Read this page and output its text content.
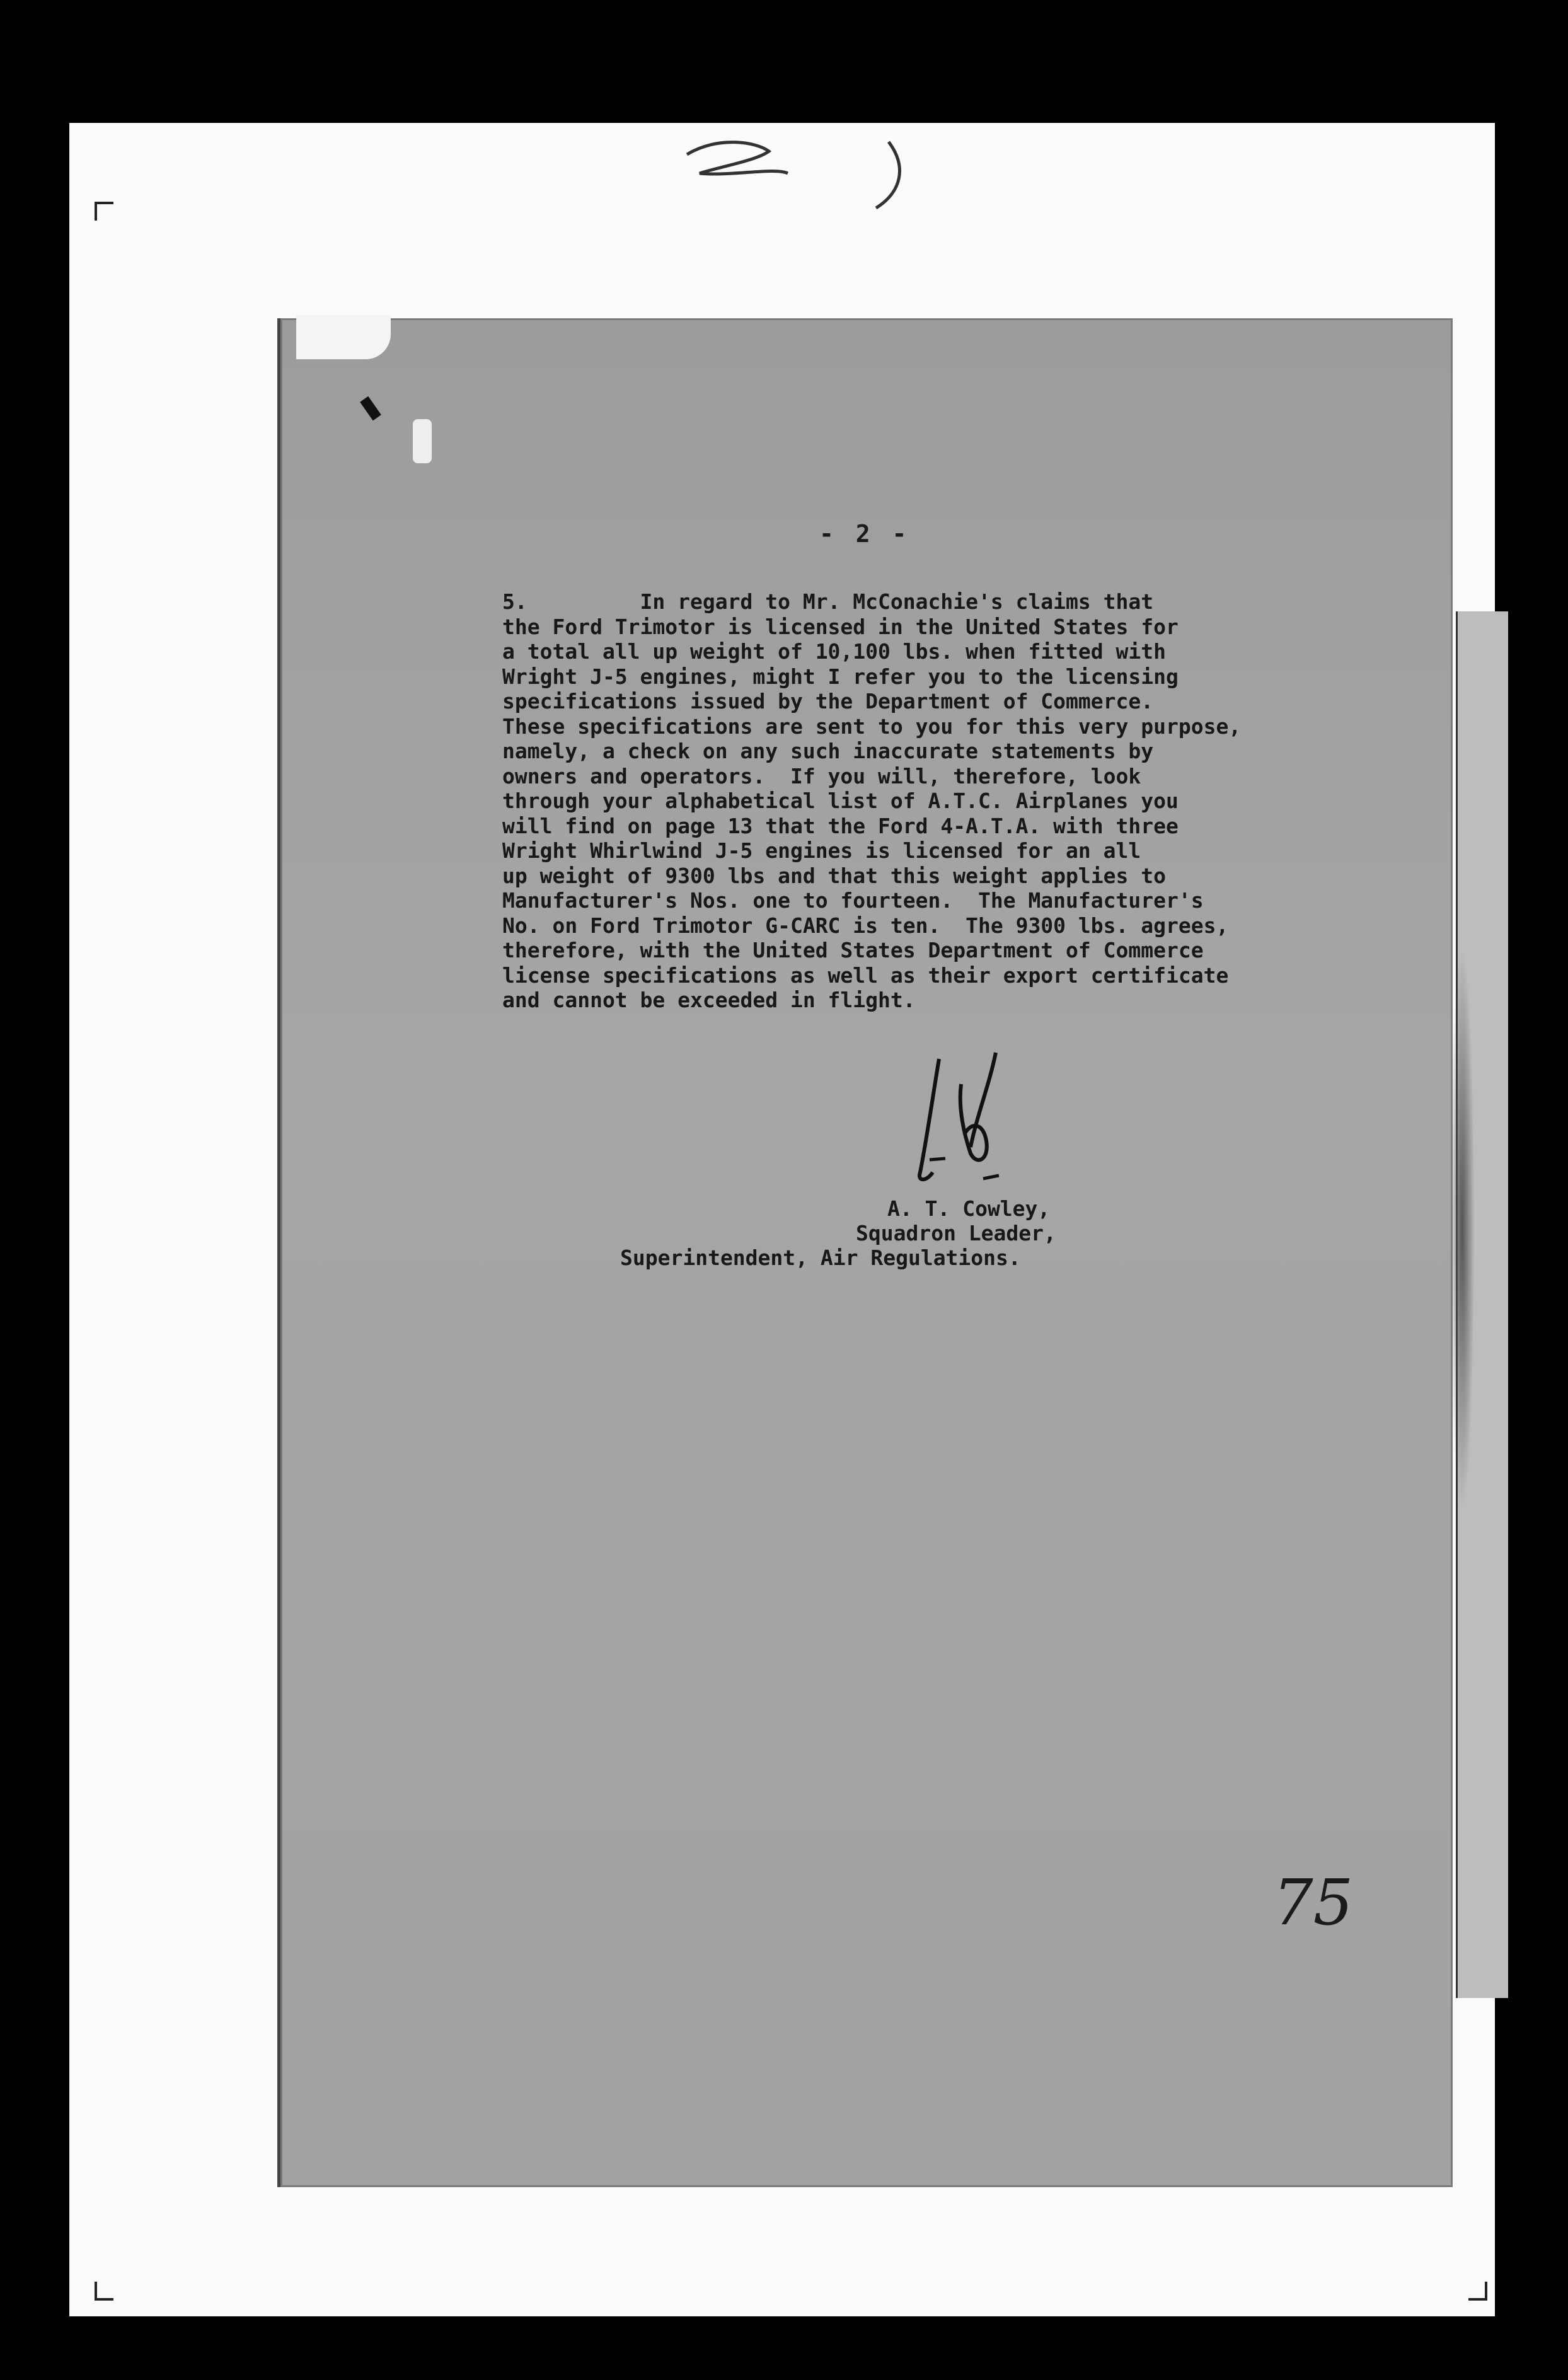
- 2 -
5.         In regard to Mr. McConachie's claims that
the Ford Trimotor is licensed in the United States for
a total all up weight of 10,100 lbs. when fitted with
Wright J-5 engines, might I refer you to the licensing
specifications issued by the Department of Commerce.
These specifications are sent to you for this very purpose,
namely, a check on any such inaccurate statements by
owners and operators.  If you will, therefore, look
through your alphabetical list of A.T.C. Airplanes you
will find on page 13 that the Ford 4-A.T.A. with three
Wright Whirlwind J-5 engines is licensed for an all
up weight of 9300 lbs and that this weight applies to
Manufacturer's Nos. one to fourteen.  The Manufacturer's
No. on Ford Trimotor G-CARC is ten.  The 9300 lbs. agrees,
therefore, with the United States Department of Commerce
license specifications as well as their export certificate
and cannot be exceeded in flight.
A. T. Cowley,
Squadron Leader,
Superintendent, Air Regulations.
75
